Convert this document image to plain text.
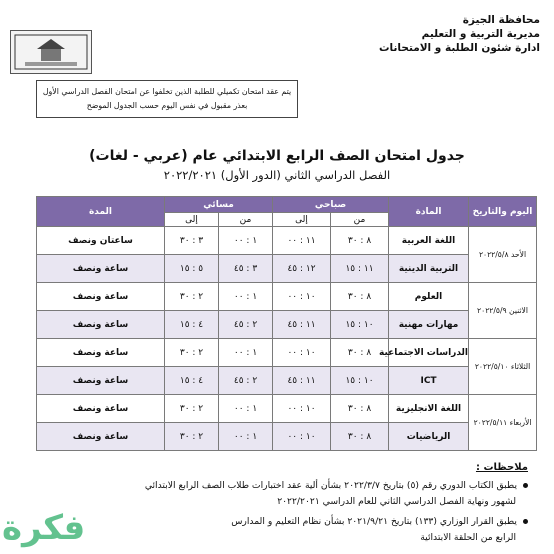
محافظة الجيزة
مديرية التربية و التعليم
ادارة شئون الطلبة و الامتحانات
يتم عقد امتحان تكميلي للطلبة الذين تخلفوا عن امتحان الفصل الدراسي الأول
بعذر مقبول في نفس اليوم حسب الجدول الموضح
جدول امتحان الصف الرابع الابتدائي عام (عربي - لغات)
الفصل الدراسي الثاني (الدور الأول) ٢٠٢٢/٢٠٢١
اليوم والتاريخ	المادة	صباحي		مسائي		المدة
		من	إلى	من	إلى	
الأحد ٢٠٢٢/٥/٨	اللغة العربية	٨ : ٣٠	١١ : ٠٠	١ : ٠٠	٣ : ٣٠	ساعتان ونصف
	التربية الدينية	١١ : ١٥	١٢ : ٤٥	٣ : ٤٥	٥ : ١٥	ساعة ونصف
الاثنين ٢٠٢٢/٥/٩	العلوم	٨ : ٣٠	١٠ : ٠٠	١ : ٠٠	٢ : ٣٠	ساعة ونصف
	مهارات مهنية	١٠ : ١٥	١١ : ٤٥	٢ : ٤٥	٤ : ١٥	ساعة ونصف
الثلاثاء ٢٠٢٢/٥/١٠	الدراسات الاجتماعية	٨ : ٣٠	١٠ : ٠٠	١ : ٠٠	٢ : ٣٠	ساعة ونصف
	ICT	١٠ : ١٥	١١ : ٤٥	٢ : ٤٥	٤ : ١٥	ساعة ونصف
الأربعاء ٢٠٢٢/٥/١١	اللغة الانجليزية	٨ : ٣٠	١٠ : ٠٠	١ : ٠٠	٢ : ٣٠	ساعة ونصف
	الرياضيات	٨ : ٣٠	١٠ : ٠٠	١ : ٠٠	٢ : ٣٠	ساعة ونصف
ملاحظات :
يطبق الكتاب الدوري رقم (٥) بتاريخ ٢٠٢٢/٣/٧ بشأن ألية عقد اختبارات طلاب الصف الرابع الابتدائي
لشهور ونهاية الفصل الدراسي الثاني للعام الدراسي ٢٠٢٢/٢٠٢١
يطبق القرار الوزاري (١٣٣) بتاريخ ٢٠٢١/٩/٢١ بشأن نظام التعليم و المدارس
الرابع من الحلقة الابتدائية
فكرة
